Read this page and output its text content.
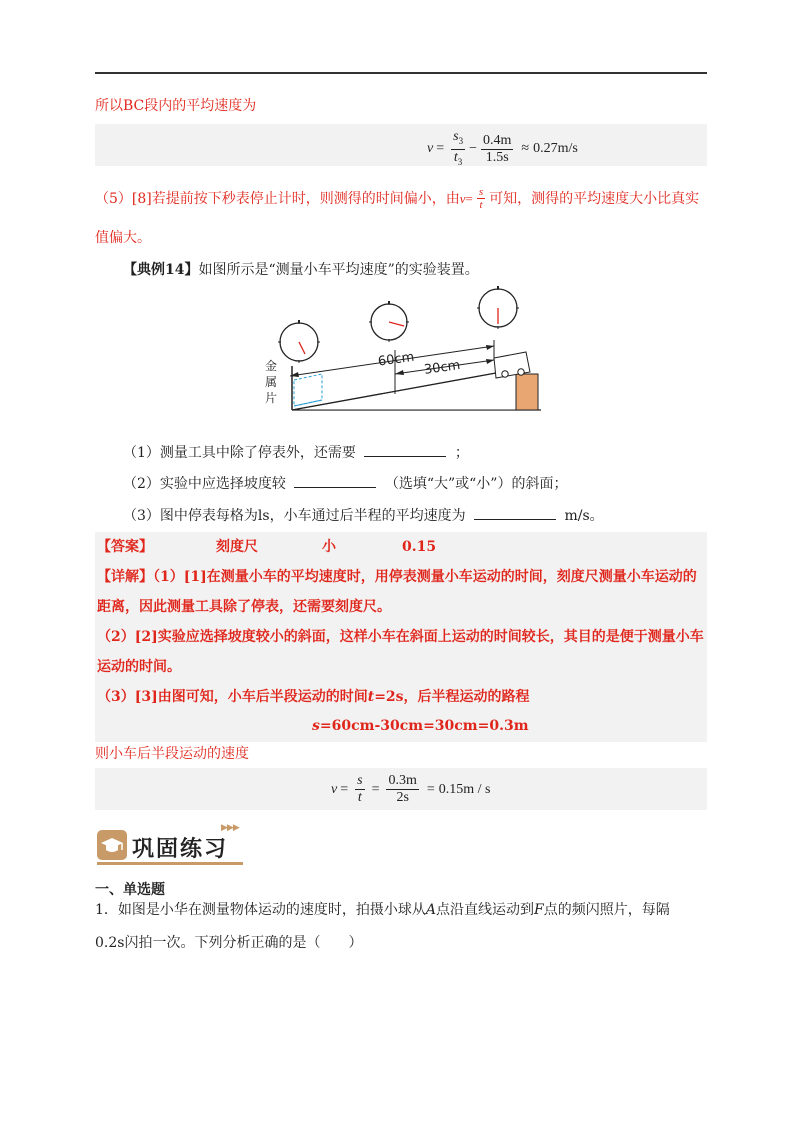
所以BC段内的平均速度为
$v = \frac{s_3}{t_3} - \frac{0.4m}{1.5s} \approx 0.27m/s$
（5）[8]若提前按下秒表停止计时，则测得的时间偏小，由 $v = \frac{s}{t}$ 可知，测得的平均速度大小比真实
值偏大。
【典例14】如图所示是“测量小车平均速度”的实验装置。
60cm 30cm
金
属
片
（1）测量工具中除了停表外，还需要	；
（2）实验中应选择坡度较	（选填“大”或“小”）的斜面；
（3）图中停表每格为ls，小车通过后半程的平均速度为	m/s。
【答案】	刻度尺	小	0.15
【详解】（1）[1]在测量小车的平均速度时，用停表测量小车运动的时间，刻度尺测量小车运动的
距离，因此测量工具除了停表，还需要刻度尺。
（2）[2]实验应选择坡度较小的斜面，这样小车在斜面上运动的时间较长，其目的是便于测量小车
运动的时间。
（3）[3]由图可知，小车后半段运动的时间t=2s，后半程运动的路程
s=60cm-30cm=30cm=0.3m
则小车后半段运动的速度
$v = \frac{s}{t} = \frac{0.3m}{2s} = 0.15m / s$
巩固练习
▶▶▶
一、单选题
1．如图是小华在测量物体运动的速度时，拍摄小球从A点沿直线运动到F点的频闪照片，每隔
0.2s闪拍一次。下列分析正确的是（　　）
